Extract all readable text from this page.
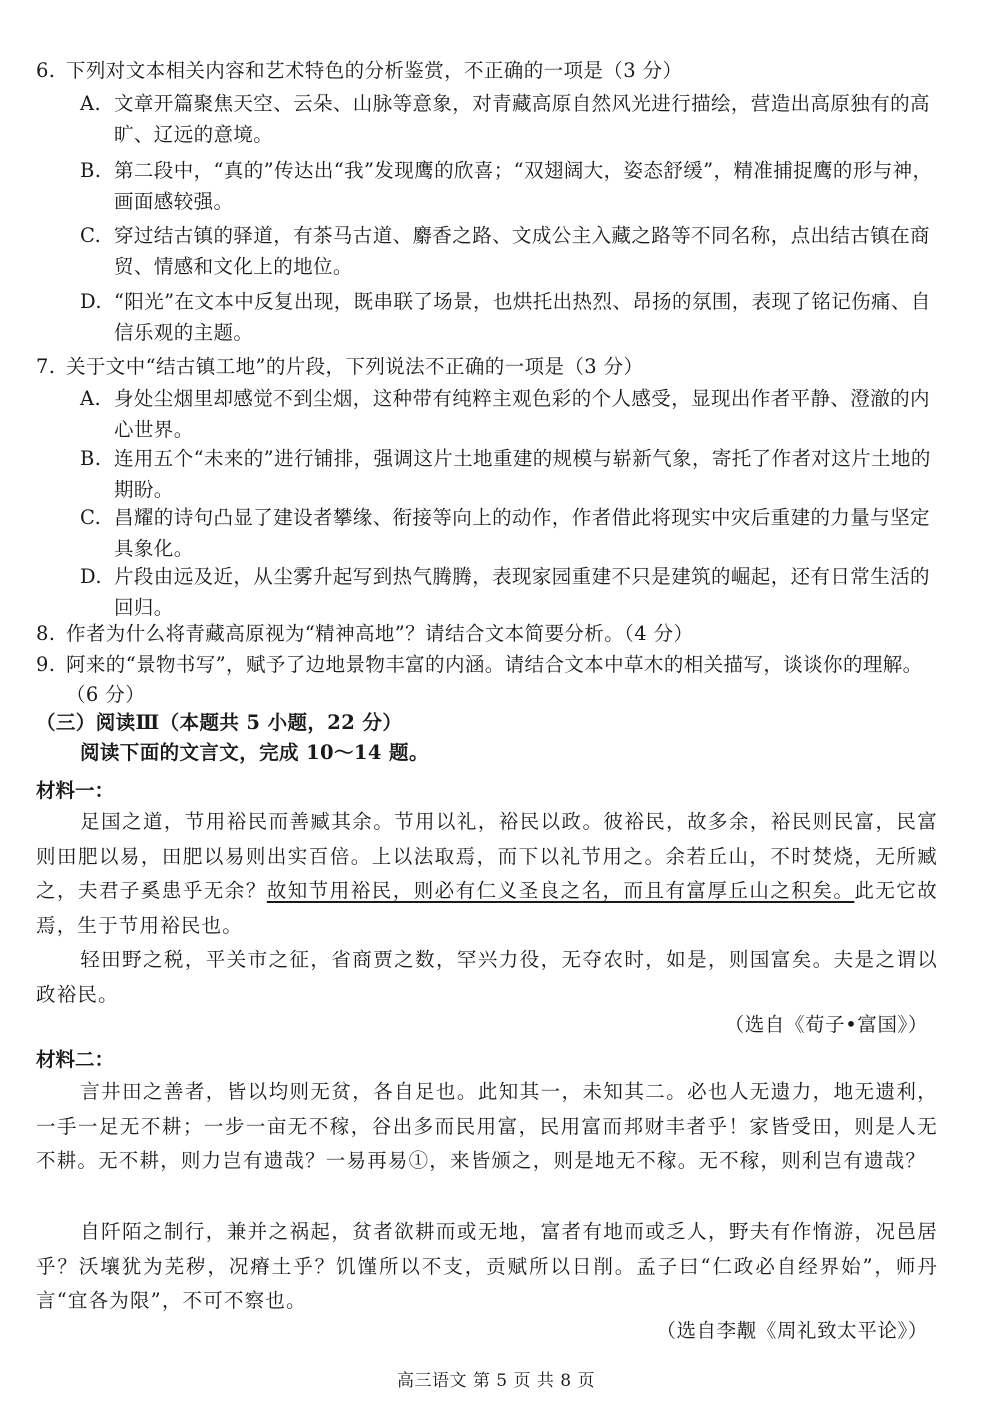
6. 下列对文本相关内容和艺术特色的分析鉴赏，不正确的一项是（3 分）
A. 文章开篇聚焦天空、云朵、山脉等意象，对青藏高原自然风光进行描绘，营造出高原独有的高旷、辽远的意境。
B. 第二段中，“真的”传达出“我”发现鹰的欣喜；“双翅阔大，姿态舒缓”，精准捕捉鹰的形与神，画面感较强。
C. 穿过结古镇的驿道，有茶马古道、麝香之路、文成公主入藏之路等不同名称，点出结古镇在商贸、情感和文化上的地位。
D. “阳光”在文本中反复出现，既串联了场景，也烘托出热烈、昂扬的氛围，表现了铭记伤痛、自信乐观的主题。
7. 关于文中“结古镇工地”的片段，下列说法不正确的一项是（3 分）
A. 身处尘烟里却感觉不到尘烟，这种带有纯粹主观色彩的个人感受，显现出作者平静、澄澈的内心世界。
B. 连用五个“未来的”进行铺排，强调这片土地重建的规模与崭新气象，寄托了作者对这片土地的期盼。
C. 昌耀的诗句凸显了建设者攀缘、衔接等向上的动作，作者借此将现实中灾后重建的力量与坚定具象化。
D. 片段由远及近，从尘雾升起写到热气腾腾，表现家园重建不只是建筑的崛起，还有日常生活的回归。
8. 作者为什么将青藏高原视为“精神高地”？请结合文本简要分析。（4 分）
9. 阿来的“景物书写”，赋予了边地景物丰富的内涵。请结合文本中草木的相关描写，谈谈你的理解。（6 分）
（三）阅读Ⅲ（本题共 5 小题，22 分）
阅读下面的文言文，完成 10～14 题。
材料一：
足国之道，节用裕民而善臧其余。节用以礼，裕民以政。彼裕民，故多余，裕民则民富，民富则田肥以易，田肥以易则出实百倍。上以法取焉，而下以礼节用之。余若丘山，不时焚烧，无所臧之，夫君子奚患乎无余？故知节用裕民，则必有仁义圣良之名，而且有富厚丘山之积矣。此无它故焉，生于节用裕民也。
轻田野之税，平关市之征，省商贾之数，罕兴力役，无夺农时，如是，则国富矣。夫是之谓以政裕民。
（选自《荀子•富国》）
材料二：
言井田之善者，皆以均则无贫，各自足也。此知其一，未知其二。必也人无遗力，地无遗利，一手一足无不耕；一步一亩无不稼，谷出多而民用富，民用富而邦财丰者乎！家皆受田，则是人无不耕。无不耕，则力岂有遗哉？一易再易①，来皆颁之，则是地无不稼。无不稼，则利岂有遗哉？
自阡陌之制行，兼并之祸起，贫者欲耕而或无地，富者有地而或乏人，野夫有作惰游，况邑居乎？沃壤犹为芜秽，况瘠土乎？饥馑所以不支，贡赋所以日削。孟子曰“仁政必自经界始”，师丹言“宜各为限”，不可不察也。
（选自李觏《周礼致太平论》）
高三语文 第 5 页 共 8 页
